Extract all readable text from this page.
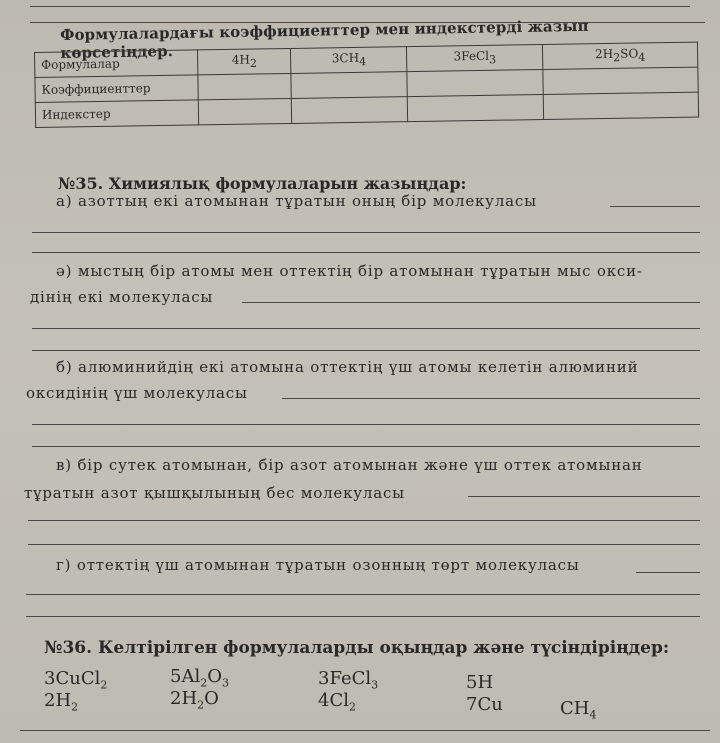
Формулалардағы коэффициенттер мен индекстерді жазып көрсетіңдер.
Формулалар	$4H_2$	$3CH_4$	3FeCl$_3$	$2H_2SO_4$
Коэффициенттер				
Индекстер				
№35. Химиялық формулаларын жазыңдар:
а) азоттың екі атомынан тұратын оның бір молекуласы
ә) мыстың бір атомы мен оттектің бір атомынан тұратын мыс окси-
дінің екі молекуласы
б) алюминийдің екі атомына оттектің үш атомы келетін алюминий
оксидінің үш молекуласы
в) бір сутек атомынан, бір азот атомынан және үш оттек атомынан
тұратын азот қышқылының бес молекуласы
г) оттектің үш атомынан тұратын озонның төрт молекуласы
№36. Келтірілген формулаларды оқыңдар және түсіндіріңдер:
3CuCl$_2$	$5Al_2O_3$	3FeCl$_3$	5H
$2H_2$	$2H_2O$	$4Cl_2$	7Cu	$CH_4$
